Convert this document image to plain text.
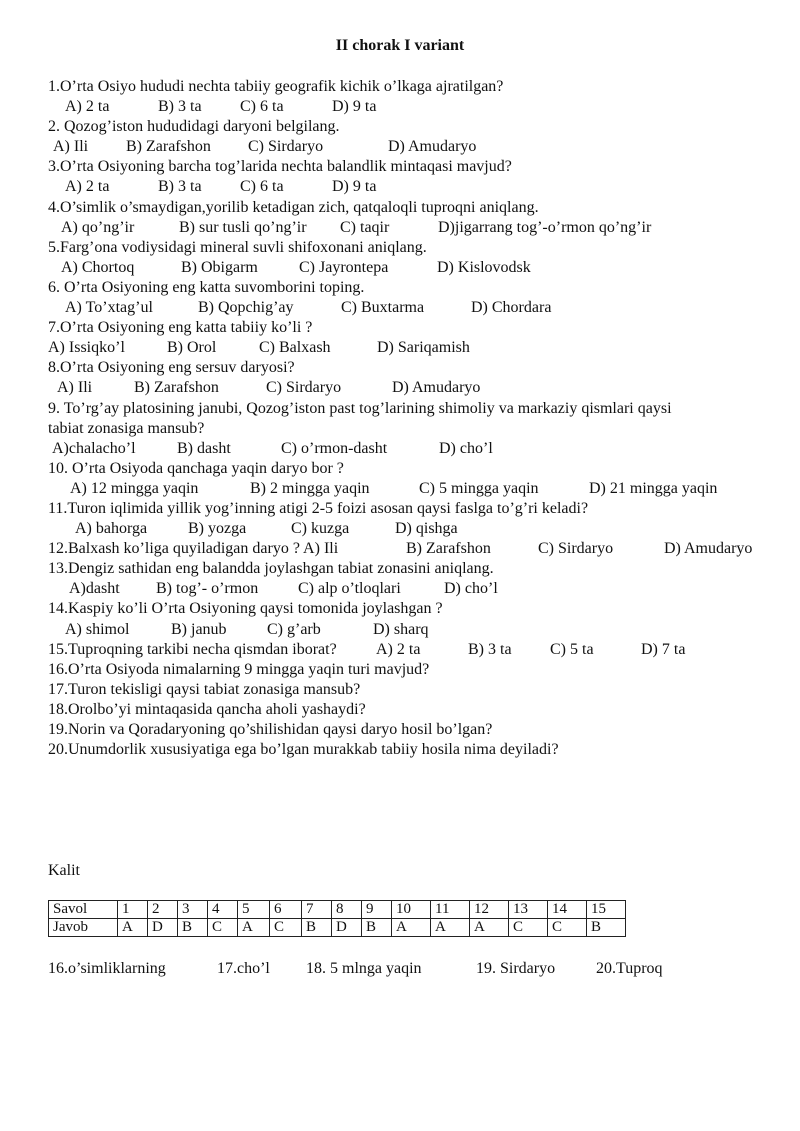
II chorak I variant
1.O’rta Osiyo hududi nechta tabiiy geografik kichik o’lkaga ajratilgan?
A) 2 ta	B) 3 ta C) 6 ta	D) 9 ta
2. Qozog’iston hududidagi daryoni belgilang.
A) Ili B) Zarafshon C) Sirdaryo	D) Amudaryo
3.O’rta Osiyoning barcha tog’larida nechta balandlik mintaqasi mavjud?
A) 2 ta	B) 3 ta C) 6 ta	D) 9 ta
4.O’simlik o’smaydigan,yorilib ketadigan zich, qatqaloqli tuproqni aniqlang.
A) qo’ng’ir	B) sur tusli qo’ng’ir C) taqir	D)jigarrang tog’-o’rmon qo’ng’ir
5.Farg’ona vodiysidagi mineral suvli shifoxonani aniqlang.
A) Chortoq	B) Obigarm	C) Jayrontepa	D) Kislovodsk
6. O’rta Osiyoning eng katta suvomborini toping.
A) To’xtag’ul	B) Qopchig’ay	C) Buxtarma	D) Chordara
7.O’rta Osiyoning eng katta tabiiy ko’li ?
A) Issiqko’l	B) Orol	C) Balxash	D) Sariqamish
8.O’rta Osiyoning eng sersuv daryosi?
A) Ili	B) Zarafshon	C) Sirdaryo	D) Amudaryo
9. To’rg’ay platosining janubi, Qozog’iston past tog’larining shimoliy va markaziy qismlari qaysi
tabiat zonasiga mansub?
A)chalacho’l	B) dasht	C) o’rmon-dasht	D) cho’l
10. O’rta Osiyoda qanchaga yaqin daryo bor ?
A) 12 mingga yaqin	B) 2 mingga yaqin	C) 5 mingga yaqin	D) 21 mingga yaqin
11.Turon iqlimida yillik yog’inning atigi 2-5 foizi asosan qaysi faslga to’g’ri keladi?
A) bahorga	B) yozga	C) kuzga	D) qishga
12.Balxash ko’liga quyiladigan daryo ? A) Ili	B) Zarafshon	C) Sirdaryo	D) Amudaryo
13.Dengiz sathidan eng balandda joylashgan tabiat zonasini aniqlang.
A)dasht B) tog’- o’rmon C) alp o’tloqlari	D) cho’l
14.Kaspiy ko’li O’rta Osiyoning qaysi tomonida joylashgan ?
A) shimol	B) janub	C) g’arb	D) sharq
15.Tuproqning tarkibi necha qismdan iborat? A) 2 ta	B) 3 ta C) 5 ta	D) 7 ta
16.O’rta Osiyoda nimalarning 9 mingga yaqin turi mavjud?
17.Turon tekisligi qaysi tabiat zonasiga mansub?
18.Orolbo’yi mintaqasida qancha aholi yashaydi?
19.Norin va Qoradaryoning qo’shilishidan qaysi daryo hosil bo’lgan?
20.Unumdorlik xususiyatiga ega bo’lgan murakkab tabiiy hosila nima deyiladi?
Kalit
Savol	1	2	3	4	5	6	7	8	9	10	11	12	13	14	15
Javob	A	D	B	C	A	C	B	D	B	A	A	A	C	C	B
16.o’simliklarning	17.cho’l 18. 5 mlnga yaqin	19. Sirdaryo	20.Tuproq
